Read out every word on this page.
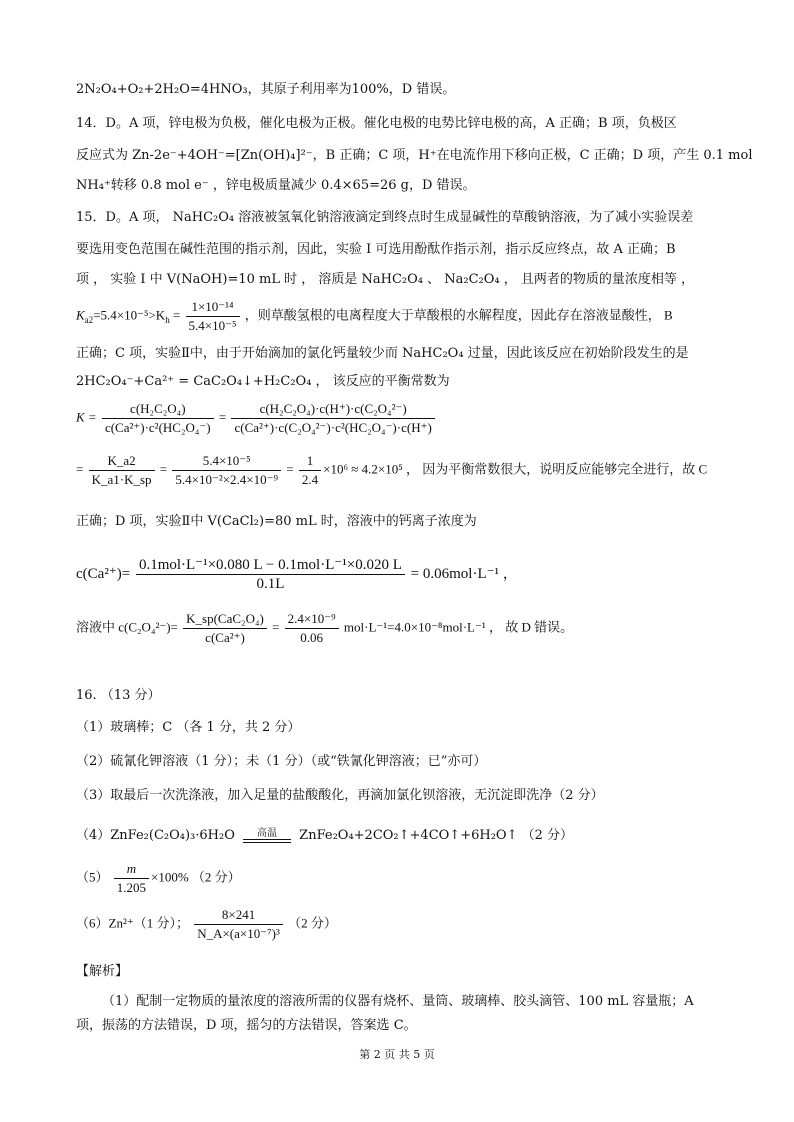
2N₂O₄+O₂+2H₂O=4HNO₃，其原子利用率为100%，D 错误。
14．D。A 项，锌电极为负极，催化电极为正极。催化电极的电势比锌电极的高，A 正确；B 项，负极区
反应式为 Zn-2e⁻+4OH⁻=[Zn(OH)₄]²⁻，B 正确；C 项，H⁺在电流作用下移向正极，C 正确；D 项，产生 0.1 mol
NH₄⁺转移 0.8 mol e⁻ ，锌电极质量减少 0.4×65=26 g，D 错误。
15．D。A 项， NaHC₂O₄ 溶液被氢氧化钠溶液滴定到终点时生成显碱性的草酸钠溶液，为了减小实验误差
要选用变色范围在碱性范围的指示剂，因此，实验 I 可选用酚酞作指示剂，指示反应终点，故 A 正确；B
项 ， 实验 I 中 V(NaOH)=10 mL 时 ， 溶质是 NaHC₂O₄ 、 Na₂C₂O₄ ， 且两者的物质的量浓度相等 ，
$K_{a2}=5.4\times 10^{-5}>K_h = \frac{\text{1×10⁻¹⁴}}{\text{5.4×10⁻⁵}}$ ，则草酸氢根的电离程度大于草酸根的水解程度，因此存在溶液显酸性， B
正确；C 项，实验Ⅱ中，由于开始滴加的氯化钙量较少而 NaHC₂O₄ 过量，因此该反应在初始阶段发生的是
2HC₂O₄⁻+Ca²⁺ = CaC₂O₄↓+H₂C₂O₄ ， 该反应的平衡常数为
$K = \frac{\text{c(H₂C₂O₄)}}{\text{c(Ca²⁺)·c²(HC₂O₄⁻)}} = \frac{\text{c(H₂C₂O₄)·c(H⁺)·c(C₂O₄²⁻)}}{\text{c(Ca²⁺)·c(C₂O₄²⁻)·c²(HC₂O₄⁻)·c(H⁺)}}$
= $\frac{K\_a2}{K\_a1\cdot K\_sp} = \frac{\text{5.4×10⁻⁵}}{\text{5.4×10⁻²×2.4×10⁻⁹}} = \frac{1}{2.4} \times 10^6 \approx 4.2\times 10^5$ ， 因为平衡常数很大，说明反应能够完全进行，故 C
正确；D 项，实验Ⅱ中 V(CaCl₂)=80 mL 时，溶液中的钙离子浓度为
$c(Ca^{2+})= \frac{\text{0.1mol·L⁻¹×0.080 L − 0.1mol·L⁻¹×0.020 L}}{0.1L} = 0.06mol\cdot L^{-1}$ ，
溶液中 $c(C_2O_4^{2-})= \frac{\text{K\_sp(CaC₂O₄)}}{\text{c(Ca²⁺)}} = \frac{\text{2.4×10⁻⁹}}{0.06} mol\cdot L^{-1}=4.0\times 10^{-8}mol\cdot L^{-1}$ ， 故 D 错误。
16. （13 分）
（1）玻璃棒；C （各 1 分，共 2 分）
（2）硫氰化钾溶液（1 分）；未（1 分）（或“铁氰化钾溶液；已”亦可）
（3）取最后一次洗涤液，加入足量的盐酸酸化，再滴加氯化钡溶液，无沉淀即洗净（2 分）
（4）ZnFe₂(C₂O₄)₃·6H₂O	高温	ZnFe₂O₄+2CO₂↑+4CO↑+6H₂O↑ （2 分）
$(5) \frac{m}{1.205} \times 100\%$ （2 分）
（6）Zn²⁺（1 分）； $\frac{8\times 241}{\text{N\_A×(a×10⁻⁷)³}} (2$ 分）
【解析】
（1）配制一定物质的量浓度的溶液所需的仪器有烧杯、量筒、玻璃棒、胶头滴管、100 mL 容量瓶；A
项，振荡的方法错误，D 项，摇匀的方法错误，答案选 C。
第 2 页 共 5 页
